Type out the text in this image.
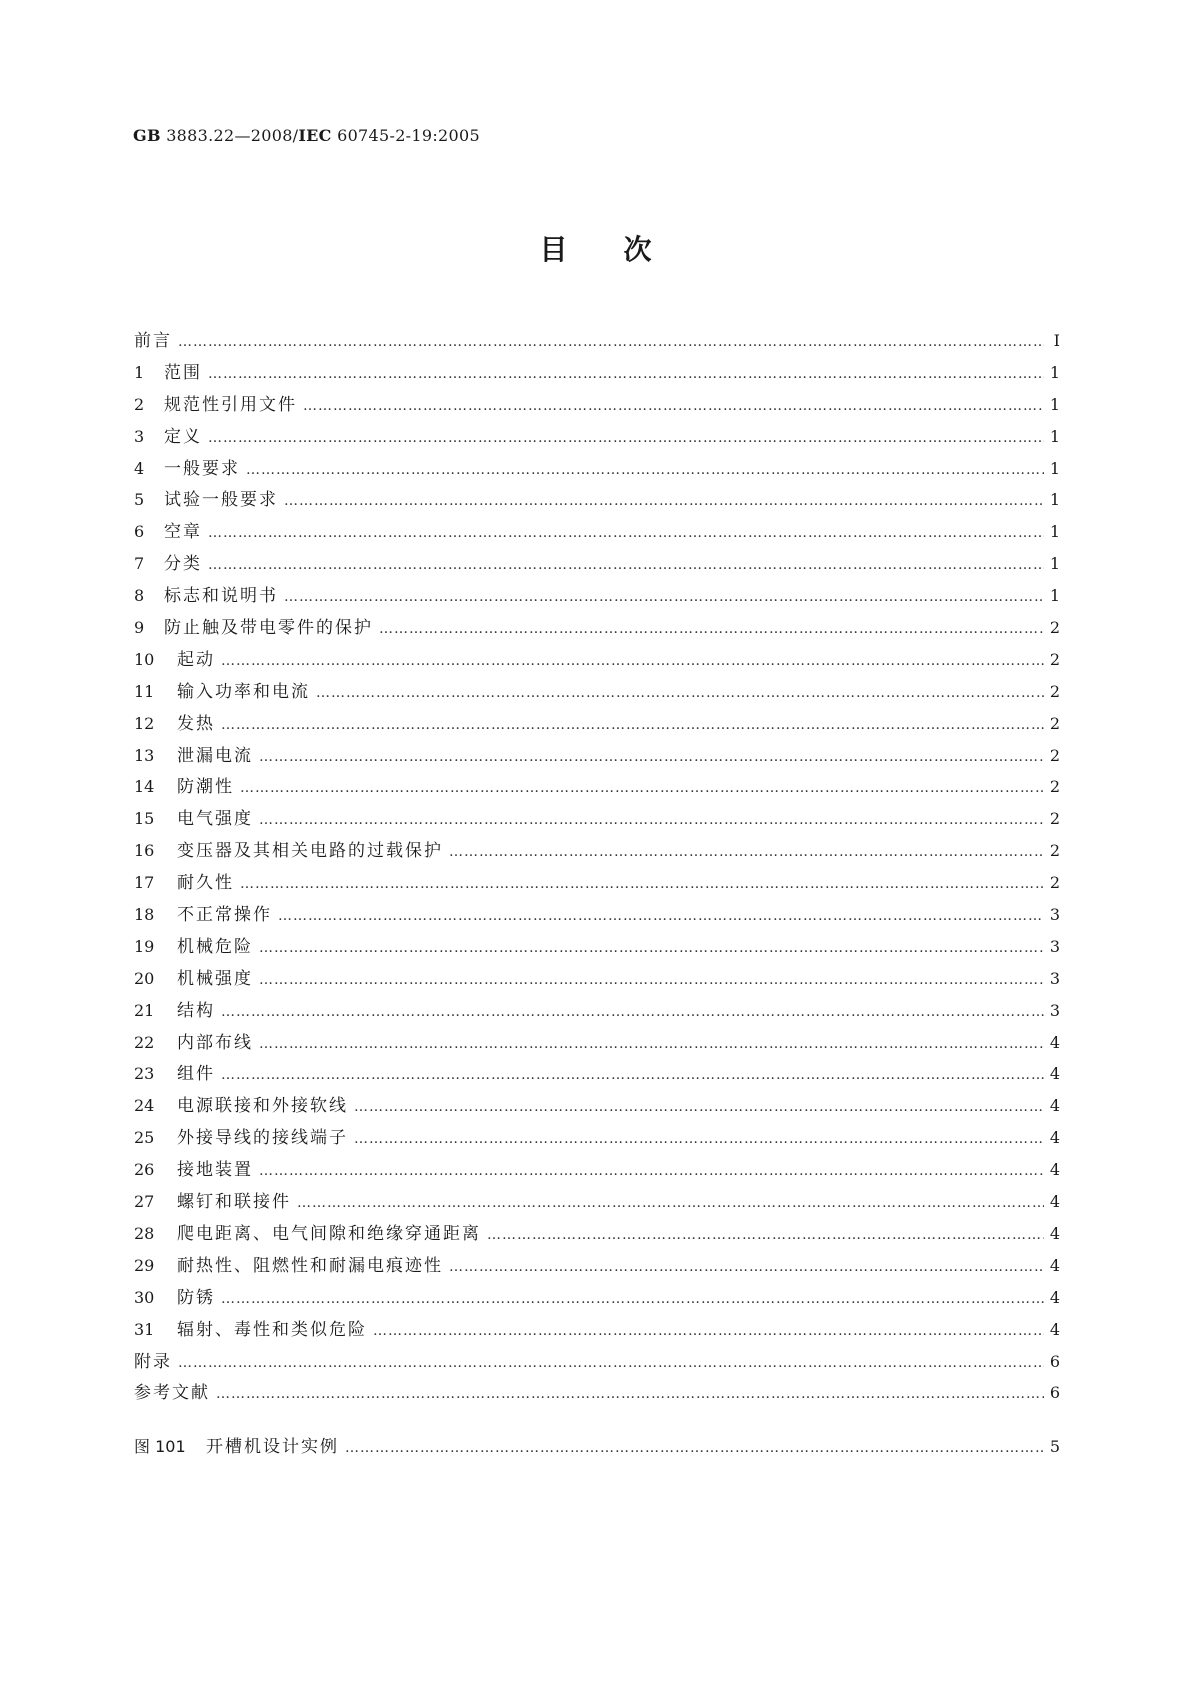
GB 3883.22—2008/IEC 60745-2-19:2005
目次
前言 ………………………………………………………………………………………………………………………………………………………………………………………………………………………………………………	Ⅰ
1	范围 ………………………………………………………………………………………………………………………………………………………………………………………………………………………………………………	1
2	规范性引用文件 ………………………………………………………………………………………………………………………………………………………………………………………………………………………………………………	1
3	定义 ………………………………………………………………………………………………………………………………………………………………………………………………………………………………………………	1
4	一般要求 ………………………………………………………………………………………………………………………………………………………………………………………………………………………………………………	1
5	试验一般要求 ………………………………………………………………………………………………………………………………………………………………………………………………………………………………………………	1
6	空章 ………………………………………………………………………………………………………………………………………………………………………………………………………………………………………………	1
7	分类 ………………………………………………………………………………………………………………………………………………………………………………………………………………………………………………	1
8	标志和说明书 ………………………………………………………………………………………………………………………………………………………………………………………………………………………………………………	1
9	防止触及带电零件的保护 ………………………………………………………………………………………………………………………………………………………………………………………………………………………………………………	2
10	起动 ………………………………………………………………………………………………………………………………………………………………………………………………………………………………………………	2
11	输入功率和电流 ………………………………………………………………………………………………………………………………………………………………………………………………………………………………………………	2
12	发热 ………………………………………………………………………………………………………………………………………………………………………………………………………………………………………………	2
13	泄漏电流 ………………………………………………………………………………………………………………………………………………………………………………………………………………………………………………	2
14	防潮性 ………………………………………………………………………………………………………………………………………………………………………………………………………………………………………………	2
15	电气强度 ………………………………………………………………………………………………………………………………………………………………………………………………………………………………………………	2
16	变压器及其相关电路的过载保护 ………………………………………………………………………………………………………………………………………………………………………………………………………………………………………………	2
17	耐久性 ………………………………………………………………………………………………………………………………………………………………………………………………………………………………………………	2
18	不正常操作 ………………………………………………………………………………………………………………………………………………………………………………………………………………………………………………	3
19	机械危险 ………………………………………………………………………………………………………………………………………………………………………………………………………………………………………………	3
20	机械强度 ………………………………………………………………………………………………………………………………………………………………………………………………………………………………………………	3
21	结构 ………………………………………………………………………………………………………………………………………………………………………………………………………………………………………………	3
22	内部布线 ………………………………………………………………………………………………………………………………………………………………………………………………………………………………………………	4
23	组件 ………………………………………………………………………………………………………………………………………………………………………………………………………………………………………………	4
24	电源联接和外接软线 ………………………………………………………………………………………………………………………………………………………………………………………………………………………………………………	4
25	外接导线的接线端子 ………………………………………………………………………………………………………………………………………………………………………………………………………………………………………………	4
26	接地装置 ………………………………………………………………………………………………………………………………………………………………………………………………………………………………………………	4
27	螺钉和联接件 ………………………………………………………………………………………………………………………………………………………………………………………………………………………………………………	4
28	爬电距离、电气间隙和绝缘穿通距离 ………………………………………………………………………………………………………………………………………………………………………………………………………………………………………………	4
29	耐热性、阻燃性和耐漏电痕迹性 ………………………………………………………………………………………………………………………………………………………………………………………………………………………………………………	4
30	防锈 ………………………………………………………………………………………………………………………………………………………………………………………………………………………………………………	4
31	辐射、毒性和类似危险 ………………………………………………………………………………………………………………………………………………………………………………………………………………………………………………	4
附录 ………………………………………………………………………………………………………………………………………………………………………………………………………………………………………………	6
参考文献 ………………………………………………………………………………………………………………………………………………………………………………………………………………………………………………	6
图 101	开槽机设计实例 ………………………………………………………………………………………………………………………………………………………………………………………………………………………………………………	5
